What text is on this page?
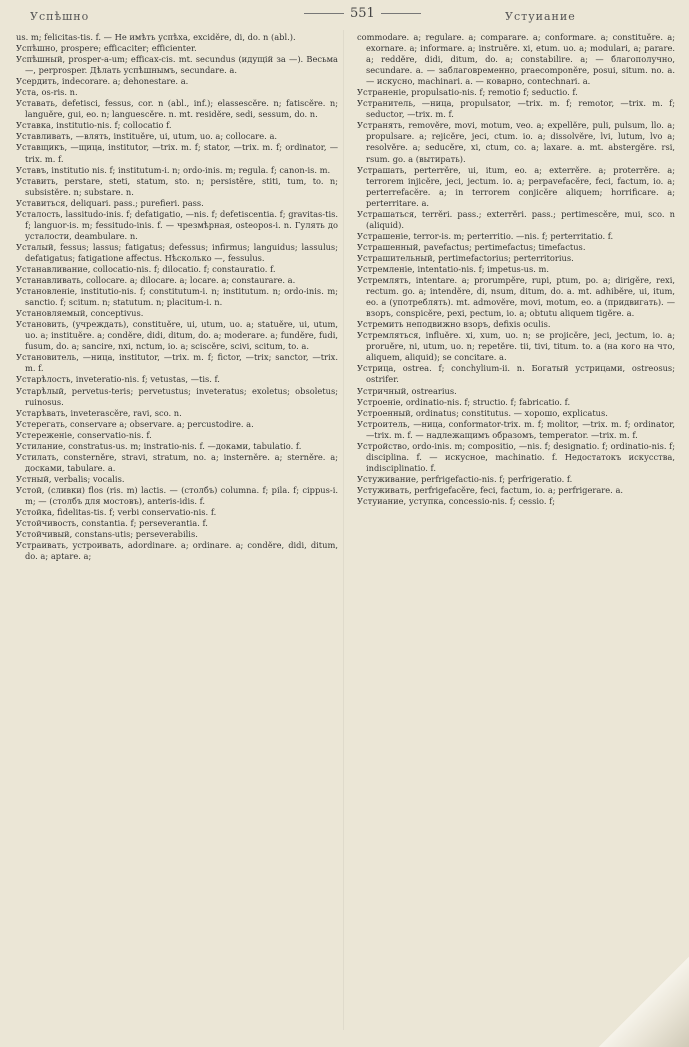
Успѣшно	551	Устуиание

us. m; felicitas-tis. f. — Не имѣть успѣха, excidĕre, di, do. n (abl.).

Успѣшно, prospere; efficaciter; efficienter.

Успѣшный, prosper-a-um; efficax-cis. mt. secundus (идущій за —). Весьма —, perprosper. Дѣлать успѣшнымъ, secundare. a.

Усердить, indecorare. a; dehonestare. a.

Уста, os-ris. n.

Уставать, defetisci, fessus, cor. n (abl., inf.); elassescĕre. n; fatiscĕre. n; languĕre, gui, eo. n; languescĕre. n. mt. residĕre, sedi, sessum, do. n.

Уставка, institutio-nis. f; collocatio f.

Уставливать, —влять, instituĕre, ui, utum, uo. a; collocare. a.

Уставщикъ, —щица, institutor, —trix. m. f; stator, —trix. m. f; ordinator, —trix. m. f.

Уставъ, institutio nis. f; institutum-i. n; ordo-inis. m; regula. f; canon-is. m.

Уставить, perstare, steti, statum, sto. n; persistĕre, stiti, tum, to. n; subsistĕre. n; substare. n.

Уставиться, deliquari. pass.; purefieri. pass.

Усталость, lassitudo-inis. f; defatigatio, —nis. f; defetiscentia. f; gravitas-tis. f; languor-is. m; fessitudo-inis. f. — чрезмѣрная, osteopos-i. n. Гулять до усталости, deambulare. n.

Усталый, fessus; lassus; fatigatus; defessus; infirmus; languidus; lassulus; defatigatus; fatigatione affectus. Нѣсколько —, fessulus.

Устанавливание, collocatio-nis. f; dilocatio. f; constauratio. f.

Устанавливать, collocare. a; dilocare. a; locare. a; constaurare. a.

Установленіе, institutio-nis. f; constitutum-i. n; institutum. n; ordo-inis. m; sanctio. f; scitum. n; statutum. n; placitum-i. n.

Установляемый, conceptivus.

Установить, (учреждать), constituĕre, ui, utum, uo. a; statuĕre, ui, utum, uo. a; instituĕre. a; condĕre, didi, ditum, do. a; moderare. a; fundĕre, fudi, fusum, do. a; sancire, nxi, nctum, io. a; sciscĕre, scivi, scitum, to. a.

Установитель, —ница, institutor, —trix. m. f; fictor, —trix; sanctor, —trix. m. f.

Устарѣлость, inveteratio-nis. f; vetustas, —tis. f.

Устарѣлый, pervetus-teris; pervetustus; inveteratus; exoletus; obsoletus; ruinosus.

Устарѣвать, inveterascĕre, ravi, sco. n.

Устерегать, conservare a; observare. a; percustodire. a.

Устереженіе, conservatio-nis. f.

Устилание, constratus-us. m; instratio-nis. f. —доками, tabulatio. f.

Устилать, consternĕre, stravi, stratum, no. a; insternĕre. a; sternĕre. a; досками, tabulare. a.

Устный, verbalis; vocalis.

Устой, (сливки) flos (ris. m) lactis. — (столбъ) columna. f; pila. f; cippus-i. m; — (столбъ для мостовъ), anteris-idis. f.

Устойка, fidelitas-tis. f; verbi conservatio-nis. f.

Устойчивость, constantia. f; perseverantia. f.

Устойчивый, constans-utis; perseverabilis.

Устраивать, устроивать, adordinare. a; ordinare. a; condĕre, didi, ditum, do. a; aptare. a;

commodare. a; regulare. a; comparare. a; conformare. a; constituĕre. a; exornare. a; informare. a; instruĕre. xi, etum. uo. a; modulari, a; parare. a; reddĕre, didi, ditum, do. a; constabilire. a; — благополучно, secundare. a. — заблаговременно, praecomponĕre, posui, situm. no. a. — искусно, machinari. a. — коварно, contechnari. a.

Устраненіе, propulsatio-nis. f; remotio f; seductio. f.

Устранитель, —ница, propulsator, —trix. m. f; remotor, —trix. m. f; seductor, —trix. m. f.

Устранять, removĕre, movi, motum, veo. a; expellĕre, puli, pulsum, llo. a; propulsare. a; rejicĕre, jeci, ctum. io. a; dissolvĕre, lvi, lutum, lvo a; resolvĕre. a; seducĕre, xi, ctum, co. a; laxare. a. mt. abstergĕre. rsi, rsum. go. a (вытирать).

Устрашать, perterrĕre, ui, itum, eo. a; exterrĕre. a; proterrĕre. a; terrorem injicĕre, jeci, jectum. io. a; perpavefacĕre, feci, factum, io. a; perterrefacĕre. a; in terrorem conjicĕre aliquem; horrificare. a; perterritare. a.

Устрашаться, terrĕri. pass.; exterrĕri. pass.; pertimescĕre, mui, sco. n (aliquid).

Устрашеніе, terror-is. m; perterritio. —nis. f; perterritatio. f.

Устрашенный, pavefactus; pertimefactus; timefactus.

Устрашительный, pertimefactorius; perterritorius.

Устремленіе, intentatio-nis. f; impetus-us. m.

Устремлять, intentare. a; prorumpĕre, rupi, ptum, po. a; dirigĕre, rexi, rectum. go. a; intendĕre, di, nsum, ditum, do. a. mt. adhibĕre, ui, itum, eo. a (употреблять). mt. admovĕre, movi, motum, eo. a (придвигать). — взоръ, conspicĕre, pexi, pectum, io. a; obtutu aliquem tigĕre. a.

Устремить неподвижно взоръ, defixis oculis.

Устремляться, influĕre. xi, xum, uo. n; se projicĕre, jeci, jectum, io. a; proruĕre, ni, utum, uo. n; repetĕre. tii, tivi, titum. to. a (на кого на что, aliquem, aliquid); se concitare. a.

Устрица, ostrea. f; conchylium-ii. n. Богатый устрицами, ostreosus; ostrifer.

Устричный, ostrearius.

Устроеніе, ordinatio-nis. f; structio. f; fabricatio. f.

Устроенный, ordinatus; constitutus. — хорошо, explicatus.

Устроитель, —ница, conformator-trix. m. f; molitor, —trix. m. f; ordinator, —trix. m. f. — надлежащимъ образомъ, temperator. —trix. m. f.

Устройство, ordo-inis. m; compositio, —nis. f; designatio. f; ordinatio-nis. f; disciplina. f. — искусное, machinatio. f. Недостатокъ искусства, indisciplinatio. f.

Устуживание, perfrigefactio-nis. f; perfrigeratio. f.

Устуживать, perfrigefacĕre, feci, factum, io. a; perfrigerare. a.

Устуиание, уступка, concessio-nis. f; cessio. f;
